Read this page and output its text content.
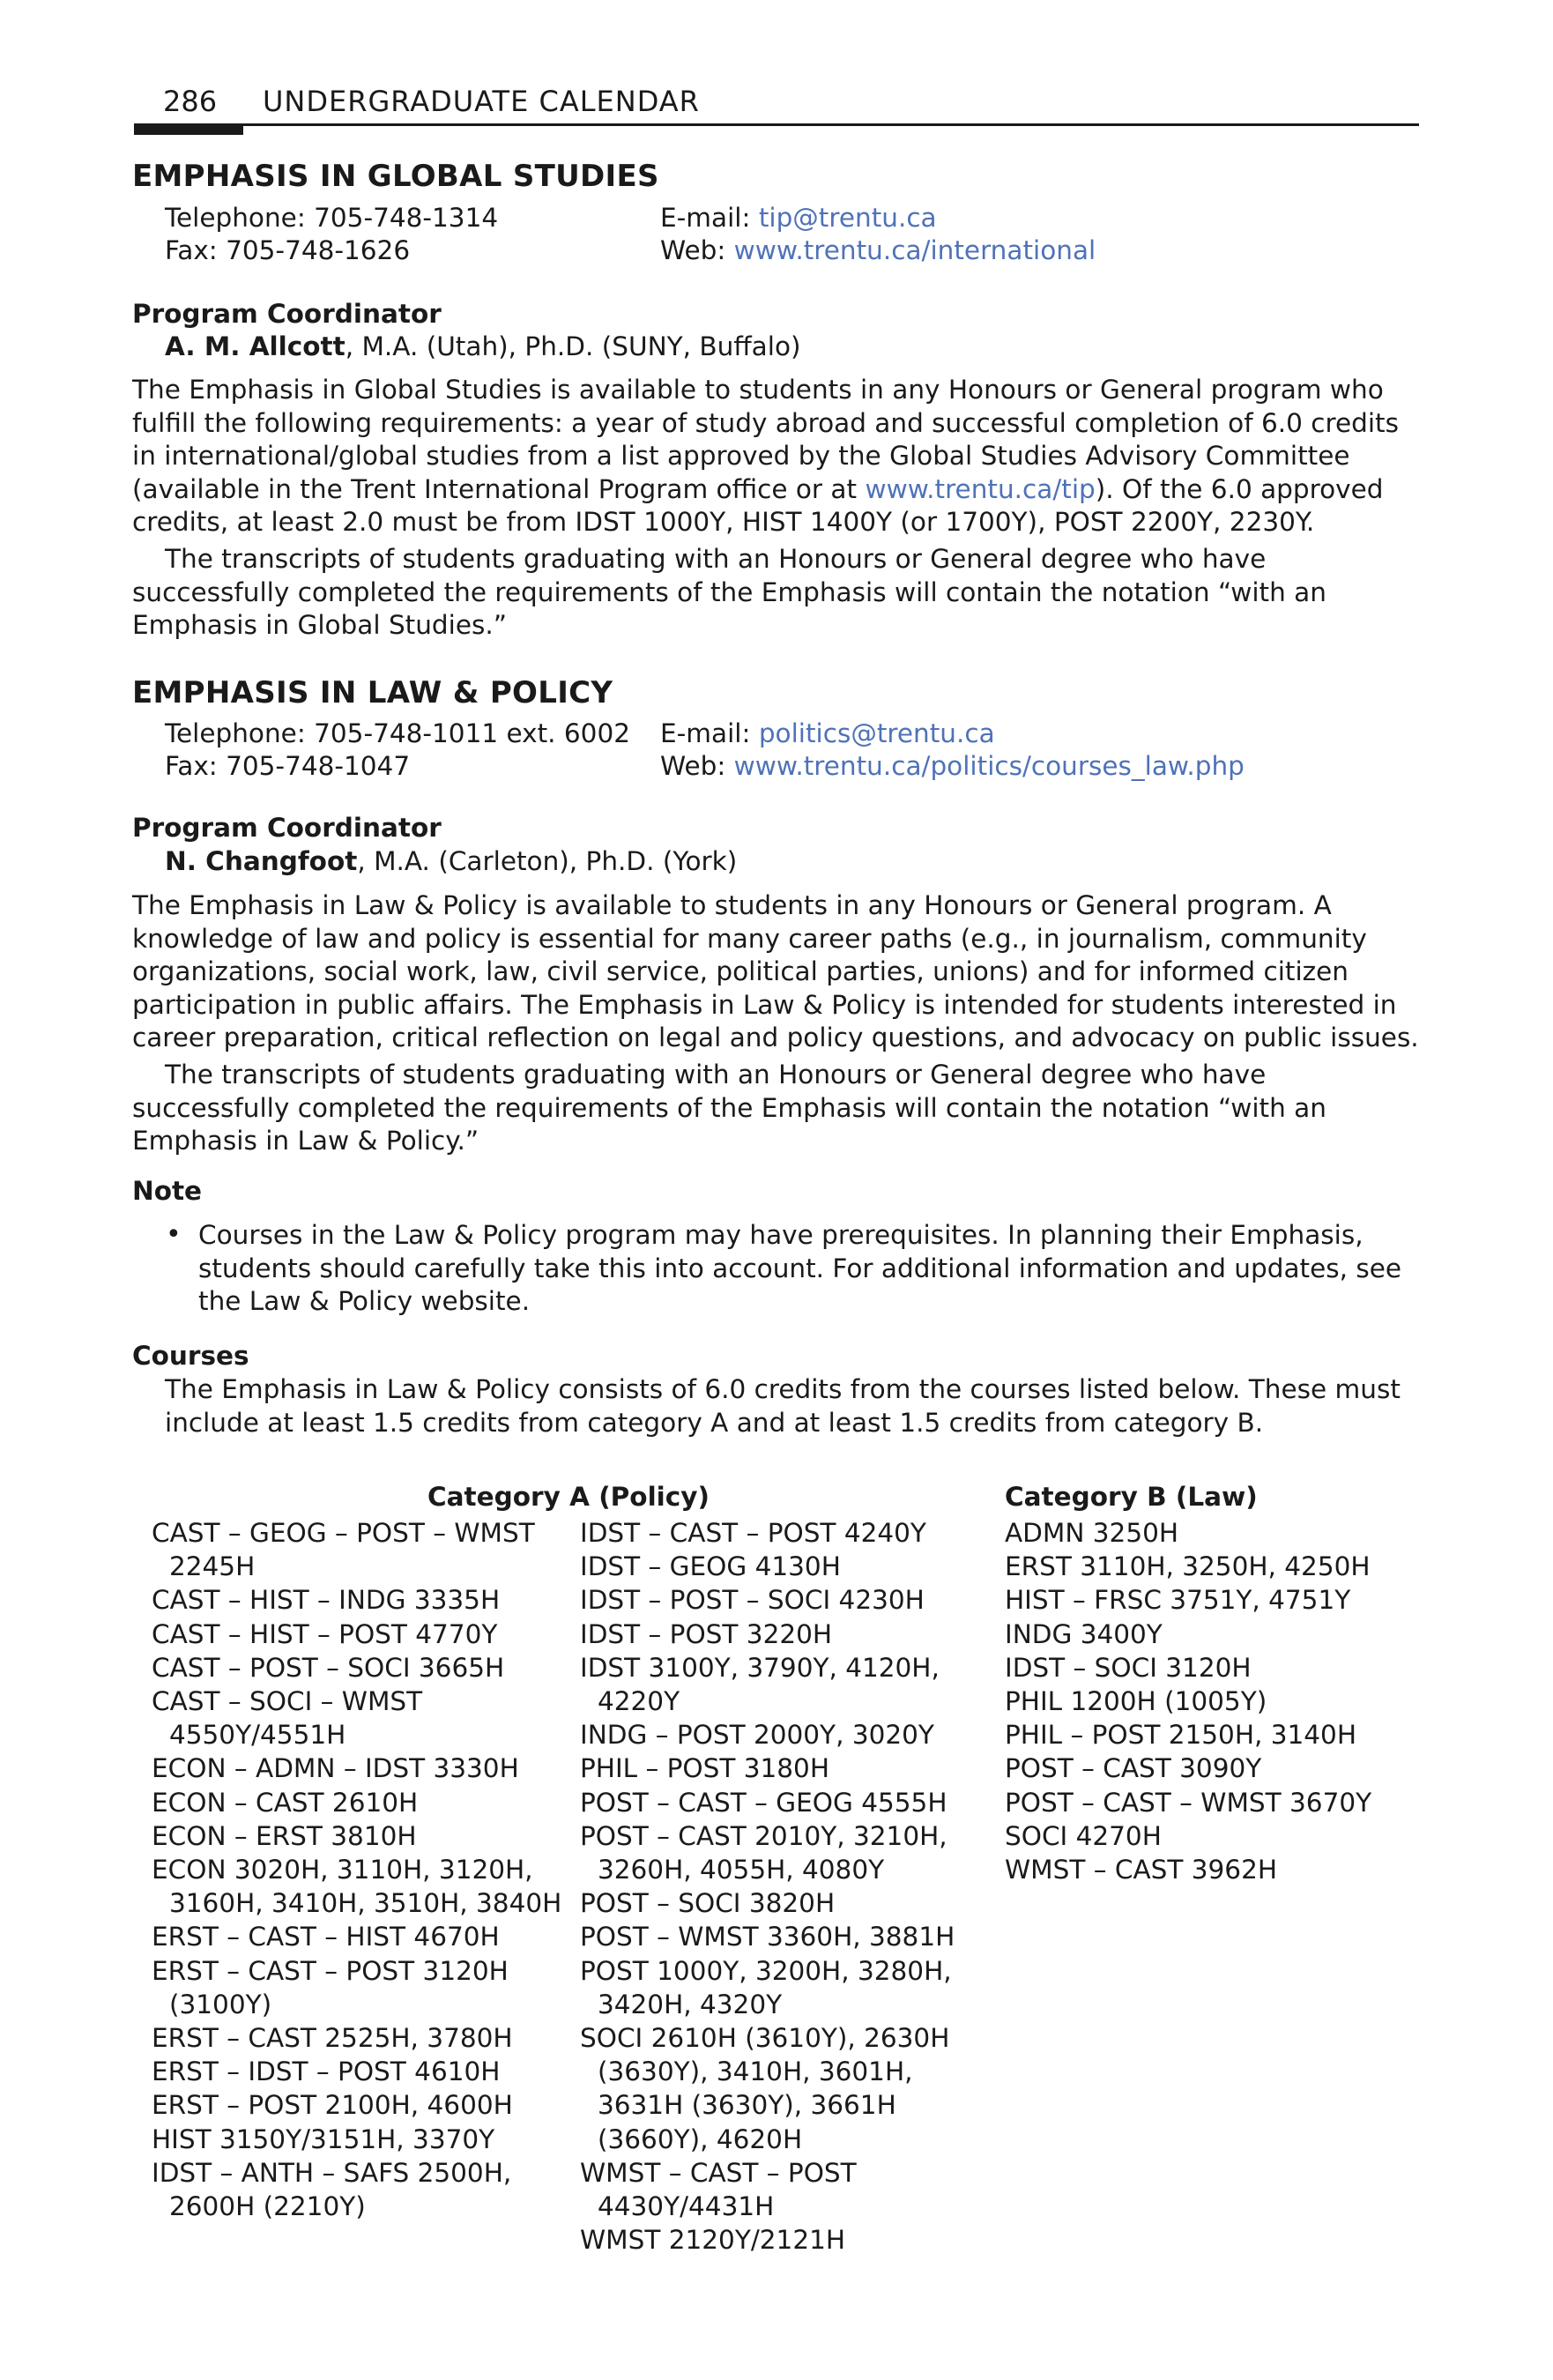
286 UNDERGRADUATE CALENDAR
EMPHASIS IN GLOBAL STUDIES
Telephone: 705-748-1314
Fax: 705-748-1626
E-mail: tip@trentu.ca
Web: www.trentu.ca/international
Program Coordinator
A. M. Allcott, M.A. (Utah), Ph.D. (SUNY, Buffalo)
The Emphasis in Global Studies is available to students in any Honours or General program who fulfill the following requirements: a year of study abroad and successful completion of 6.0 credits in international/global studies from a list approved by the Global Studies Advisory Committee (available in the Trent International Program office or at www.trentu.ca/tip). Of the 6.0 approved credits, at least 2.0 must be from IDST 1000Y, HIST 1400Y (or 1700Y), POST 2200Y, 2230Y.
The transcripts of students graduating with an Honours or General degree who have successfully completed the requirements of the Emphasis will contain the notation “with an Emphasis in Global Studies.”
EMPHASIS IN LAW & POLICY
Telephone: 705-748-1011 ext. 6002
Fax: 705-748-1047
E-mail: politics@trentu.ca
Web: www.trentu.ca/politics/courses_law.php
Program Coordinator
N. Changfoot, M.A. (Carleton), Ph.D. (York)
The Emphasis in Law & Policy is available to students in any Honours or General program. A knowledge of law and policy is essential for many career paths (e.g., in journalism, community organizations, social work, law, civil service, political parties, unions) and for informed citizen participation in public affairs. The Emphasis in Law & Policy is intended for students interested in career preparation, critical reflection on legal and policy questions, and advocacy on public issues.
The transcripts of students graduating with an Honours or General degree who have successfully completed the requirements of the Emphasis will contain the notation “with an Emphasis in Law & Policy.”
Note
• Courses in the Law & Policy program may have prerequisites. In planning their Emphasis, students should carefully take this into account. For additional information and updates, see the Law & Policy website.
Courses
The Emphasis in Law & Policy consists of 6.0 credits from the courses listed below. These must include at least 1.5 credits from category A and at least 1.5 credits from category B.
Category A (Policy)	Category B (Law)
CAST – GEOG – POST – WMST 2245H
CAST – HIST – INDG 3335H
CAST – HIST – POST 4770Y
CAST – POST – SOCI 3665H
CAST – SOCI – WMST 4550Y/4551H
ECON – ADMN – IDST 3330H
ECON – CAST 2610H
ECON – ERST 3810H
ECON 3020H, 3110H, 3120H, 3160H, 3410H, 3510H, 3840H
ERST – CAST – HIST 4670H
ERST – CAST – POST 3120H (3100Y)
ERST – CAST 2525H, 3780H
ERST – IDST – POST 4610H
ERST – POST 2100H, 4600H
HIST 3150Y/3151H, 3370Y
IDST – ANTH – SAFS 2500H, 2600H (2210Y)
IDST – CAST – POST 4240Y
IDST – GEOG 4130H
IDST – POST – SOCI 4230H
IDST – POST 3220H
IDST 3100Y, 3790Y, 4120H, 4220Y
INDG – POST 2000Y, 3020Y
PHIL – POST 3180H
POST – CAST – GEOG 4555H
POST – CAST 2010Y, 3210H, 3260H, 4055H, 4080Y
POST – SOCI 3820H
POST – WMST 3360H, 3881H
POST 1000Y, 3200H, 3280H, 3420H, 4320Y
SOCI 2610H (3610Y), 2630H (3630Y), 3410H, 3601H, 3631H (3630Y), 3661H (3660Y), 4620H
WMST – CAST – POST 4430Y/4431H
WMST 2120Y/2121H
ADMN 3250H
ERST 3110H, 3250H, 4250H
HIST – FRSC 3751Y, 4751Y
INDG 3400Y
IDST – SOCI 3120H
PHIL 1200H (1005Y)
PHIL – POST 2150H, 3140H
POST – CAST 3090Y
POST – CAST – WMST 3670Y
SOCI 4270H
WMST – CAST 3962H
